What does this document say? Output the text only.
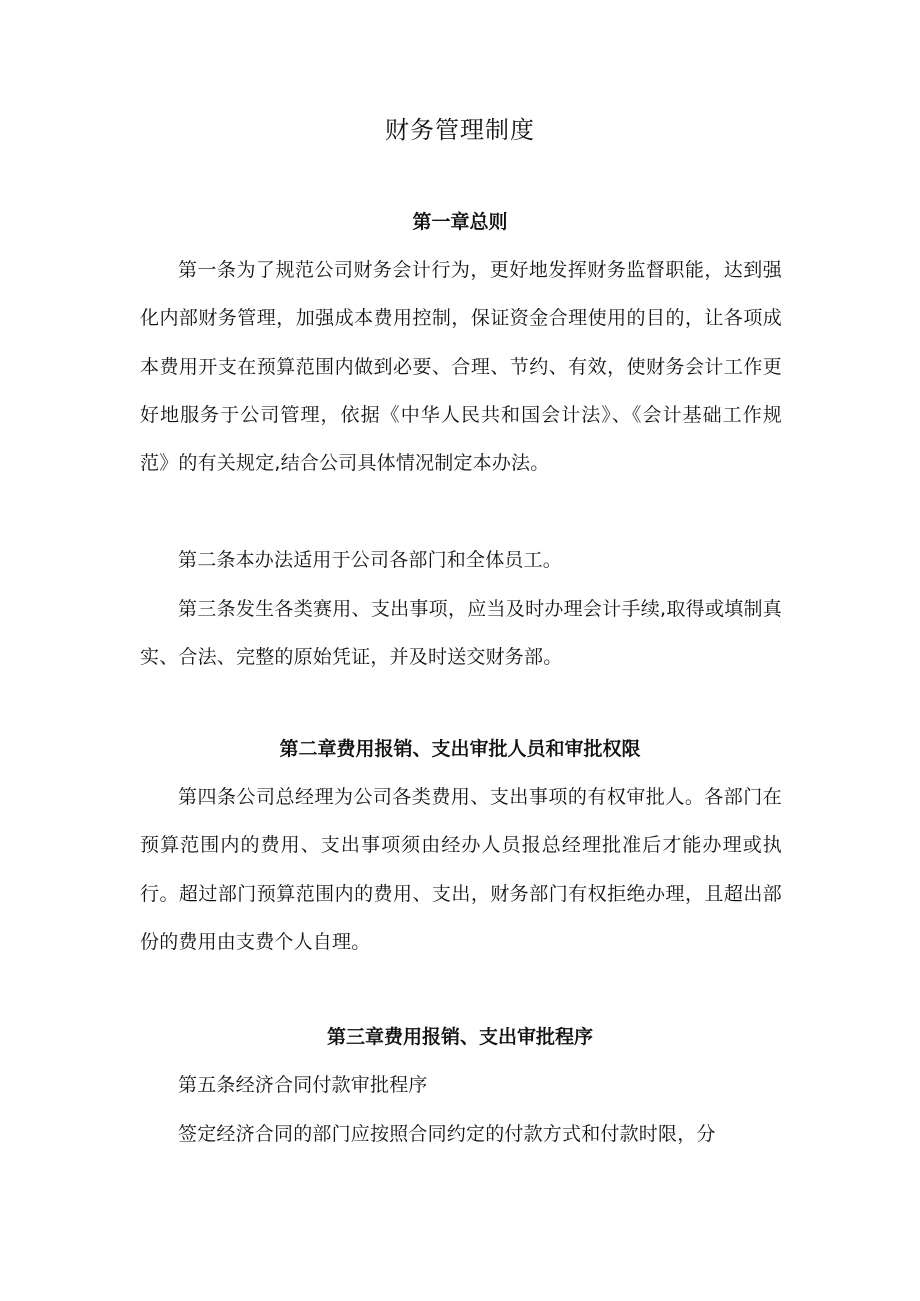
财务管理制度
第一章总则

第一条为了规范公司财务会计行为，更好地发挥财务监督职能，达到强化内部财务管理，加强成本费用控制，保证资金合理使用的目的，让各项成本费用开支在预算范围内做到必要、合理、节约、有效，使财务会计工作更好地服务于公司管理，依据《中华人民共和国会计法》、《会计基础工作规范》的有关规定,结合公司具体情况制定本办法。

第二条本办法适用于公司各部门和全体员工。

第三条发生各类赛用、支出事项，应当及时办理会计手续,取得或填制真实、合法、完整的原始凭证，并及时送交财务部。

第二章费用报销、支出审批人员和审批权限

第四条公司总经理为公司各类费用、支出事项的有权审批人。各部门在预算范围内的费用、支出事项须由经办人员报总经理批准后才能办理或执行。超过部门预算范围内的费用、支出，财务部门有权拒绝办理，且超出部份的费用由支费个人自理。

第三章费用报销、支出审批程序

第五条经济合同付款审批程序

签定经济合同的部门应按照合同约定的付款方式和付款时限，分
